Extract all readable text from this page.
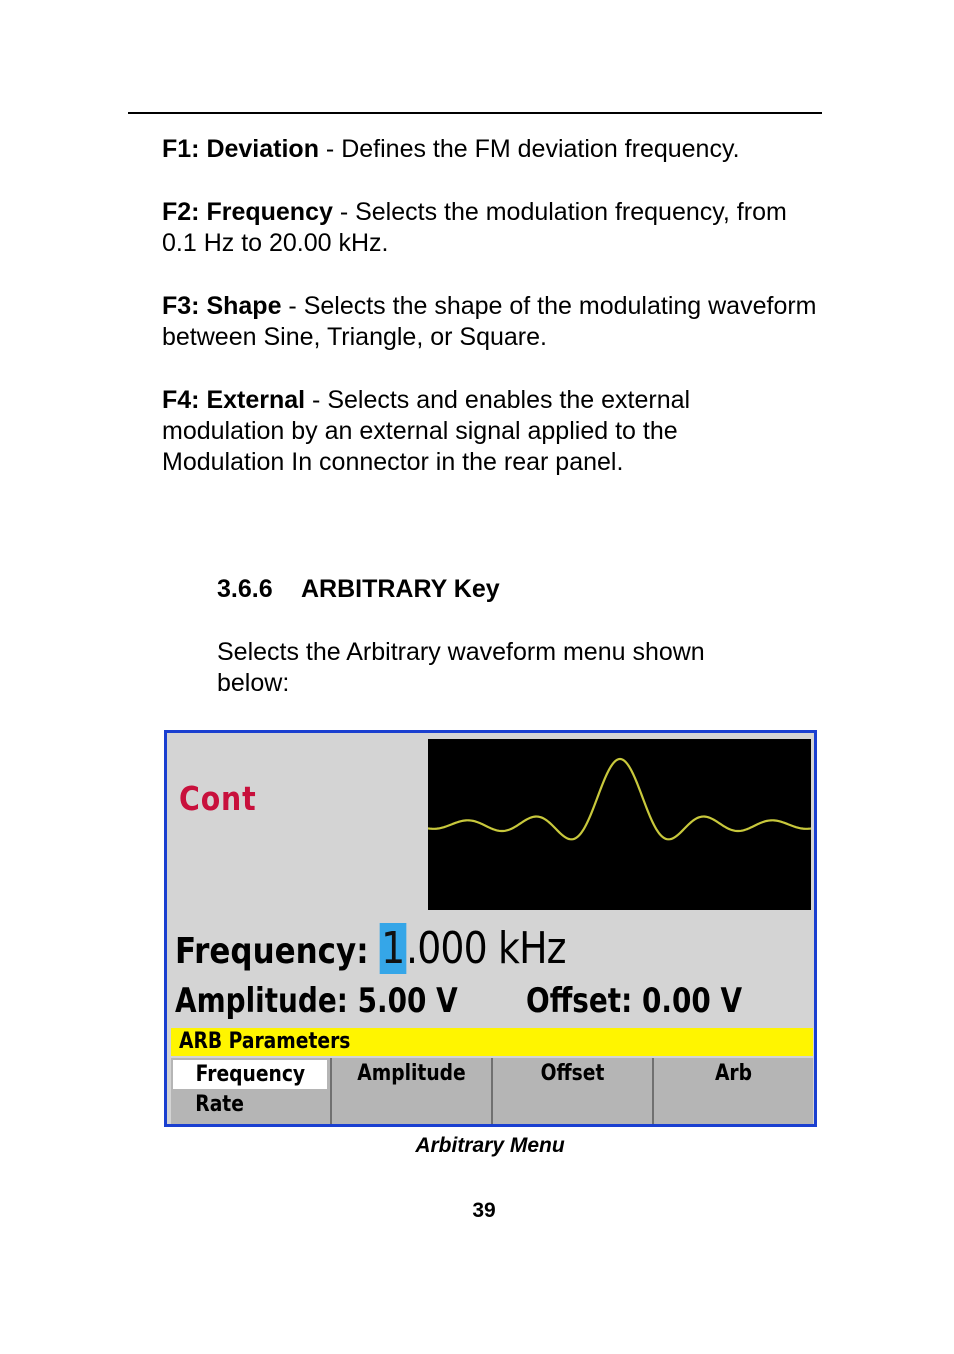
F1: Deviation - Defines the FM deviation frequency.

F2: Frequency - Selects the modulation frequency, from 0.1 Hz to 20.00 kHz.

F3: Shape - Selects the shape of the modulating waveform between Sine, Triangle, or Square.

F4: External - Selects and enables the external modulation by an external signal applied to the Modulation In connector in the rear panel.

3.6.6 ARBITRARY Key
Selects the Arbitrary waveform menu shown below:
Cont
Frequency: 1.000 kHz
Amplitude: 5.00 V Offset: 0.00 V
ARB Parameters
Frequency
Rate
Amplitude	Offset	Arb
Arbitrary Menu
39
